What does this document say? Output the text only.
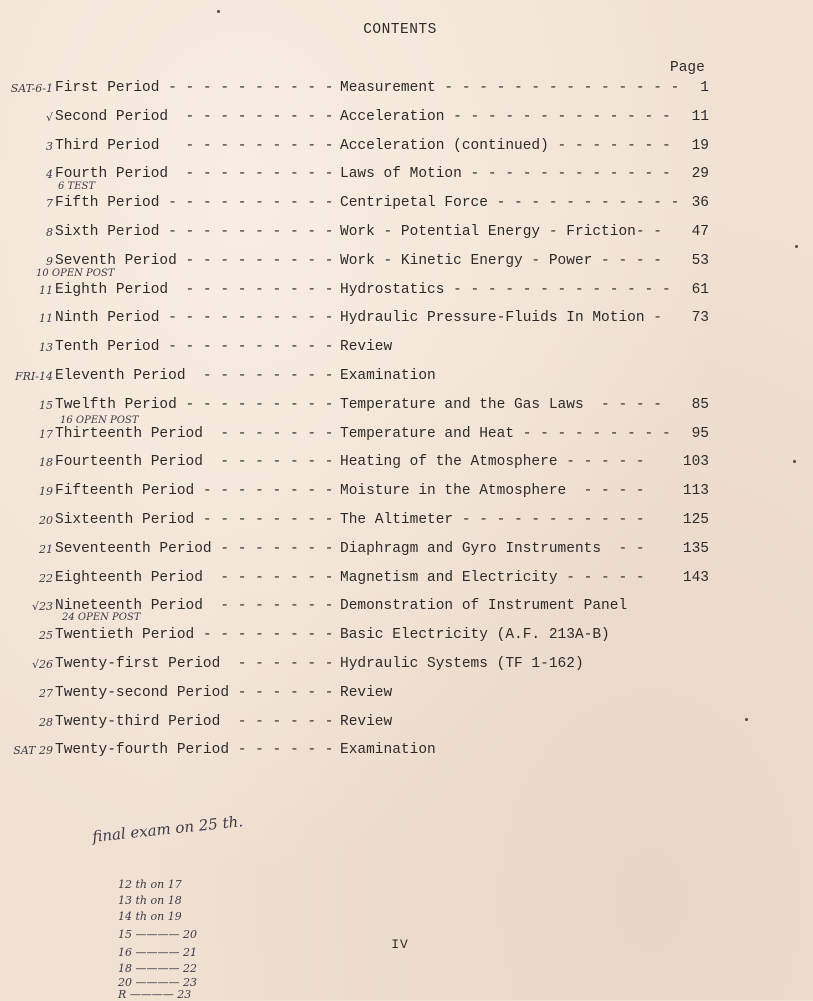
CONTENTS
Page
SAT-6-1 First Period - - - - - - - - - - Measurement - - - - - - - - - - - - - - 1
√ Second Period  - - - - - - - - - Acceleration - - - - - - - - - - - - - 11
3 Third Period   - - - - - - - - - Acceleration (continued) - - - - - - - 19
4 Fourth Period  - - - - - - - - - Laws of Motion - - - - - - - - - - - - 29
7 Fifth Period - - - - - - - - - - Centripetal Force - - - - - - - - - - - 36
8 Sixth Period - - - - - - - - - - Work - Potential Energy - Friction- - 47
9 Seventh Period - - - - - - - - - Work - Kinetic Energy - Power - - - - 53
11 Eighth Period  - - - - - - - - - Hydrostatics - - - - - - - - - - - - - 61
11 Ninth Period - - - - - - - - - - Hydraulic Pressure-Fluids In Motion - 73
13 Tenth Period - - - - - - - - - - Review
FRI-14 Eleventh Period  - - - - - - - - Examination
15 Twelfth Period - - - - - - - - - Temperature and the Gas Laws  - - - - 85
17 Thirteenth Period  - - - - - - - Temperature and Heat - - - - - - - - - 95
18 Fourteenth Period  - - - - - - - Heating of the Atmosphere - - - - -	103
19 Fifteenth Period - - - - - - - - Moisture in the Atmosphere  - - - -	113
20 Sixteenth Period - - - - - - - - The Altimeter - - - - - - - - - - -	125
21 Seventeenth Period - - - - - - - Diaphragm and Gyro Instruments  - -	135
22 Eighteenth Period  - - - - - - - Magnetism and Electricity - - - - -	143
√23 Nineteenth Period  - - - - - - - Demonstration of Instrument Panel
25 Twentieth Period - - - - - - - - Basic Electricity (A.F. 213A-B)
√26 Twenty-first Period  - - - - - - Hydraulic Systems (TF 1-162)
27 Twenty-second Period - - - - - - Review
28 Twenty-third Period  - - - - - - Review
SAT 29 Twenty-fourth Period - - - - - - Examination
6 TEST
10 OPEN POST
16 OPEN POST
24 OPEN POST
final exam on 25 th.
12 th on 17
13 th on 18
14 th on 19
15 ———— 20
16 ———— 21
18 ———— 22
20 ———— 23
R ———— 23
IV
